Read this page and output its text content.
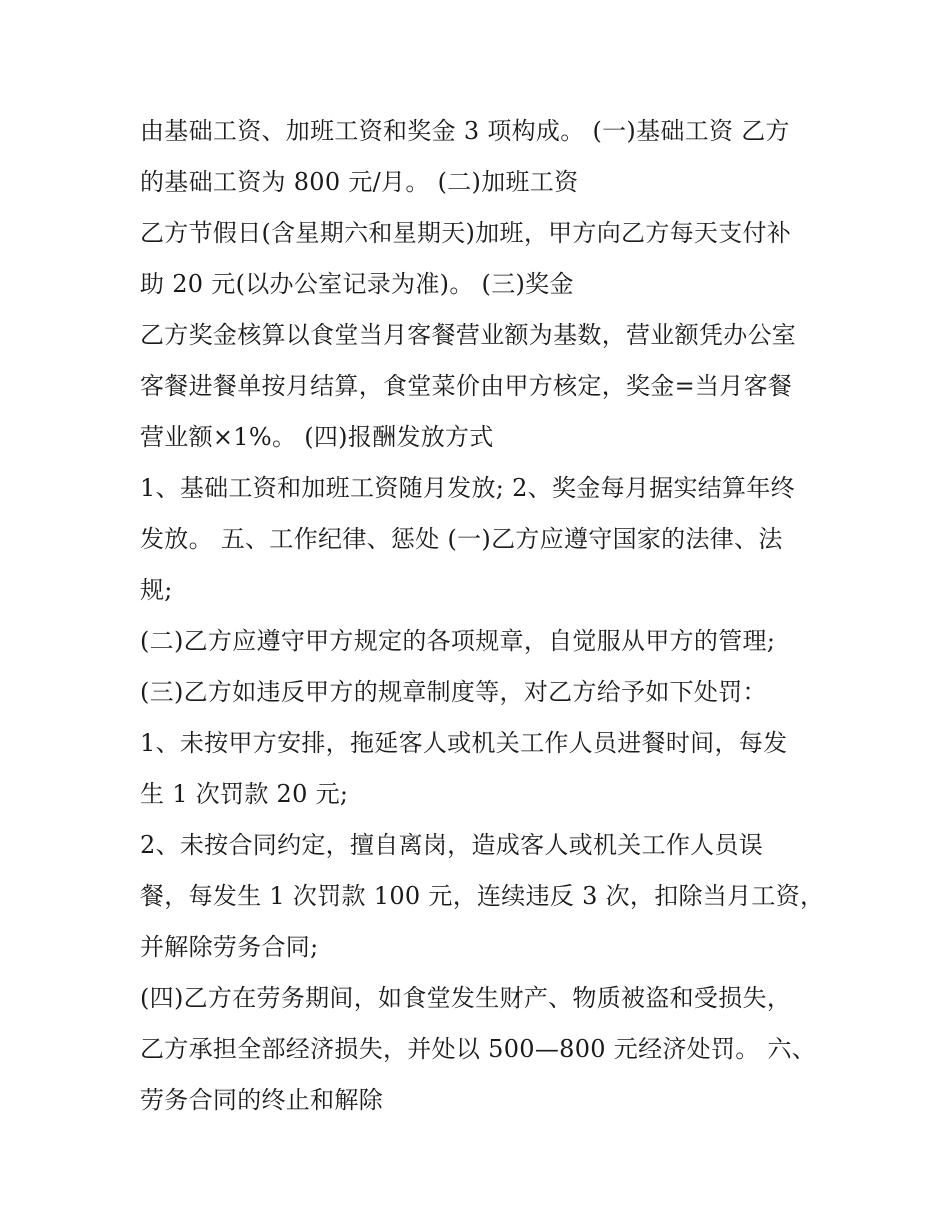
由基础工资、加班工资和奖金 3 项构成。 (一)基础工资 乙方
的基础工资为 800 元/月。 (二)加班工资
乙方节假日(含星期六和星期天)加班，甲方向乙方每天支付补
助 20 元(以办公室记录为准)。 (三)奖金
乙方奖金核算以食堂当月客餐营业额为基数，营业额凭办公室
客餐进餐单按月结算，食堂菜价由甲方核定，奖金=当月客餐
营业额×1%。 (四)报酬发放方式
1、基础工资和加班工资随月发放; 2、奖金每月据实结算年终
发放。 五、工作纪律、惩处 (一)乙方应遵守国家的法律、法
规;
(二)乙方应遵守甲方规定的各项规章，自觉服从甲方的管理;
(三)乙方如违反甲方的规章制度等，对乙方给予如下处罚：
1、未按甲方安排，拖延客人或机关工作人员进餐时间，每发
生 1 次罚款 20 元;
2、未按合同约定，擅自离岗，造成客人或机关工作人员误
餐，每发生 1 次罚款 100 元，连续违反 3 次，扣除当月工资，
并解除劳务合同;
(四)乙方在劳务期间，如食堂发生财产、物质被盗和受损失，
乙方承担全部经济损失，并处以 500—800 元经济处罚。 六、
劳务合同的终止和解除
